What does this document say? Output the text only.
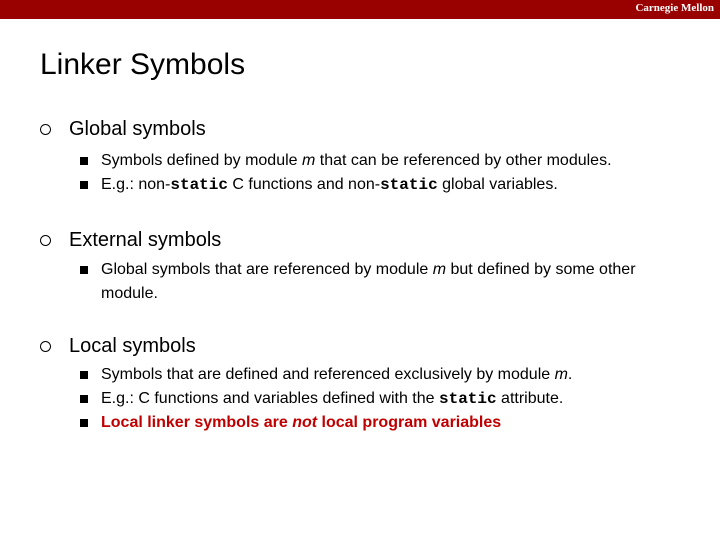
Carnegie Mellon
Linker Symbols
Global symbols
Symbols defined by module m that can be referenced by other modules.
E.g.: non-static C functions and non-static global variables.
External symbols
Global symbols that are referenced by module m but defined by some other module.
Local symbols
Symbols that are defined and referenced exclusively by module m.
E.g.: C functions and variables defined with the static attribute.
Local linker symbols are not local program variables
